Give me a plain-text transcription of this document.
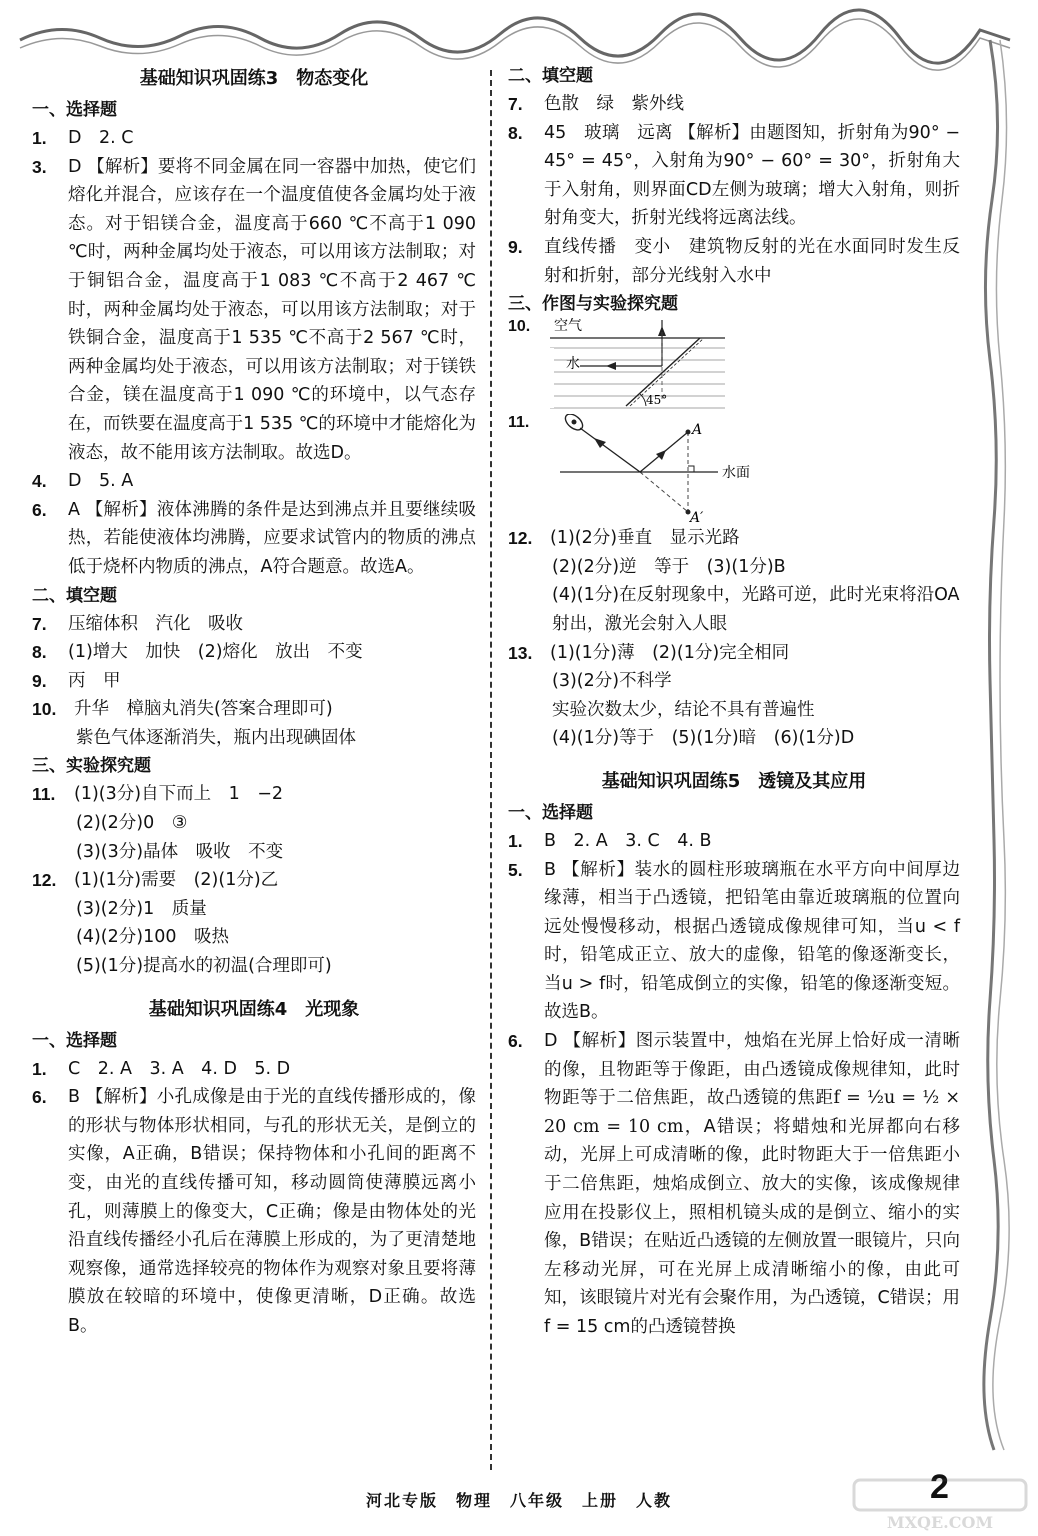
基础知识巩固练3　物态变化
一、选择题
1.	D　2. C
3.	D 【解析】要将不同金属在同一容器中加热，使它们熔化并混合，应该存在一个温度值使各金属均处于液态。对于铝镁合金，温度高于660 ℃不高于1 090 ℃时，两种金属均处于液态，可以用该方法制取；对于铜铝合金，温度高于1 083 ℃不高于2 467 ℃时，两种金属均处于液态，可以用该方法制取；对于铁铜合金，温度高于1 535 ℃不高于2 567 ℃时，两种金属均处于液态，可以用该方法制取；对于镁铁合金，镁在温度高于1 090 ℃的环境中，以气态存在，而铁要在温度高于1 535 ℃的环境中才能熔化为液态，故不能用该方法制取。故选D。
4.	D　5. A
6.	A 【解析】液体沸腾的条件是达到沸点并且要继续吸热，若能使液体均沸腾，应要求试管内的物质的沸点低于烧杯内物质的沸点，A符合题意。故选A。
二、填空题
7.	压缩体积　汽化　吸收
8.	(1)增大　加快　(2)熔化　放出　不变
9.	丙　甲
10.	升华　樟脑丸消失(答案合理即可)
紫色气体逐渐消失，瓶内出现碘固体
三、实验探究题
11.	(1)(3分)自下而上　1　−2
(2)(2分)0　③
(3)(3分)晶体　吸收　不变
12.	(1)(1分)需要　(2)(1分)乙
(3)(2分)1　质量
(4)(2分)100　吸热
(5)(1分)提高水的初温(合理即可)
基础知识巩固练4　光现象
一、选择题
1.	C　2. A　3. A　4. D　5. D
6.	B 【解析】小孔成像是由于光的直线传播形成的，像的形状与物体形状相同，与孔的形状无关，是倒立的实像，A正确，B错误；保持物体和小孔间的距离不变，由光的直线传播可知，移动圆筒使薄膜远离小孔，则薄膜上的像变大，C正确；像是由物体处的光沿直线传播经小孔后在薄膜上形成的，为了更清楚地观察像，通常选择较亮的物体作为观察对象且要将薄膜放在较暗的环境中，使像更清晰，D正确。故选B。
二、填空题
7.	色散　绿　紫外线
8.	45　玻璃　远离 【解析】由题图知，折射角为90° − 45° = 45°，入射角为90° − 60° = 30°，折射角大于入射角，则界面CD左侧为玻璃；增大入射角，则折射角变大，折射光线将远离法线。
9.	直线传播　变小　建筑物反射的光在水面同时发生反射和折射，部分光线射入水中
三、作图与实验探究题
10.	空气
水
45°
11.	A
A′
水面
12.	(1)(2分)垂直　显示光路
(2)(2分)逆　等于　(3)(1分)B
(4)(1分)在反射现象中，光路可逆，此时光束将沿OA射出，激光会射入人眼
13.	(1)(1分)薄　(2)(1分)完全相同
(3)(2分)不科学
实验次数太少，结论不具有普遍性
(4)(1分)等于　(5)(1分)暗　(6)(1分)D
基础知识巩固练5　透镜及其应用
一、选择题
1.	B　2. A　3. C　4. B
5.	B 【解析】装水的圆柱形玻璃瓶在水平方向中间厚边缘薄，相当于凸透镜，把铅笔由靠近玻璃瓶的位置向远处慢慢移动，根据凸透镜成像规律可知，当u < f时，铅笔成正立、放大的虚像，铅笔的像逐渐变长，当u > f时，铅笔成倒立的实像，铅笔的像逐渐变短。故选B。
6.	D 【解析】图示装置中，烛焰在光屏上恰好成一清晰的像，且物距等于像距，由凸透镜成像规律知，此时物距等于二倍焦距，故凸透镜的焦距f = ½u = ½ × 20 cm = 10 cm，A错误；将蜡烛和光屏都向右移动，光屏上可成清晰的像，此时物距大于一倍焦距小于二倍焦距，烛焰成倒立、放大的实像，该成像规律应用在投影仪上，照相机镜头成的是倒立、缩小的实像，B错误；在贴近凸透镜的左侧放置一眼镜片，只向左移动光屏，可在光屏上成清晰缩小的像，由此可知，该眼镜片对光有会聚作用，为凸透镜，C错误；用f = 15 cm的凸透镜替换
河北专版　物理　八年级　上册　人教	2
MXQE.COM
